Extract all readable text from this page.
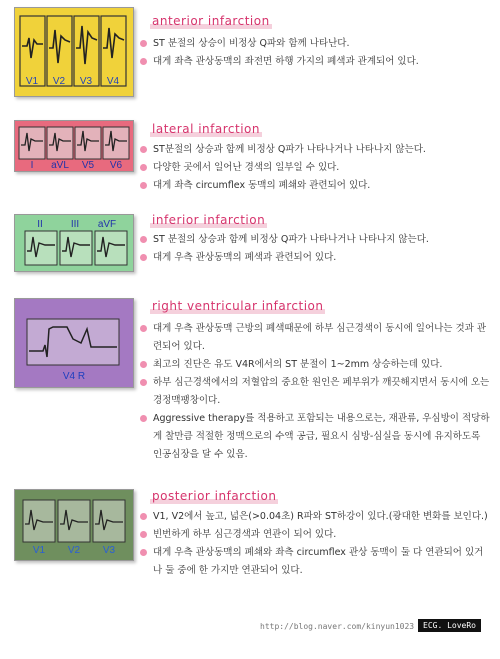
V1 V2 V3 V4
anterior infarction
ST 분절의 상승이 비정상 Q파와 함께 나타난다.
대게 좌측 관상동맥의 좌전면 하행 가지의 폐색과 관계되어 있다.
I aVL V5 V6
lateral infarction
ST분절의 상승과 함께 비정상 Q파가 나타나거나 나타나지 않는다.
다양한 곳에서 일어난 경색의 일부일 수 있다.
대게 좌측 circumflex 동맥의 폐쇄와 관련되어 있다.
II	III aVF	inferior infarction
ST 분절의 상승과 함께 비정상 Q파가 나타나거나 나타나지 않는다.
대게 우측 관상동맥의 폐색과 관련되어 있다.
V4 R
right ventricular infarction
대게 우측 관상동맥 근방의 폐색때문에 하부 심근경색이 동시에 일어나는 것과 관련되어 있다.
최고의 진단은 유도 V4R에서의 ST 분절이 1~2mm 상승하는데 있다.
하부 심근경색에서의 저혈압의 중요한 원인은 페부위가 깨끗해지면서 동시에 오는 경정맥팽창이다.
Aggressive therapy를 적용하고 포함되는 내용으로는, 재관류, 우심방이 적당하게 찰만큼 적절한 정맥으로의 수액 공급, 필요시 심방-심실을 동시에 유지하도록 인공심장을 달 수 있음.
V1 V2 V3
posterior infarction
V1, V2에서 높고, 넓은(>0.04초) R파와 ST하강이 있다.(광대한 변화를 보인다.)
빈번하게 하부 심근경색과 연관이 되어 있다.
대게 우측 관상동맥의 폐쇄와 좌측 circumflex 관상 동맥이 둘 다 연관되어 있거나 둘 중에 한 가지만 연관되어 있다.
http://blog.naver.com/kinyun1023	ECG. LoveRo
